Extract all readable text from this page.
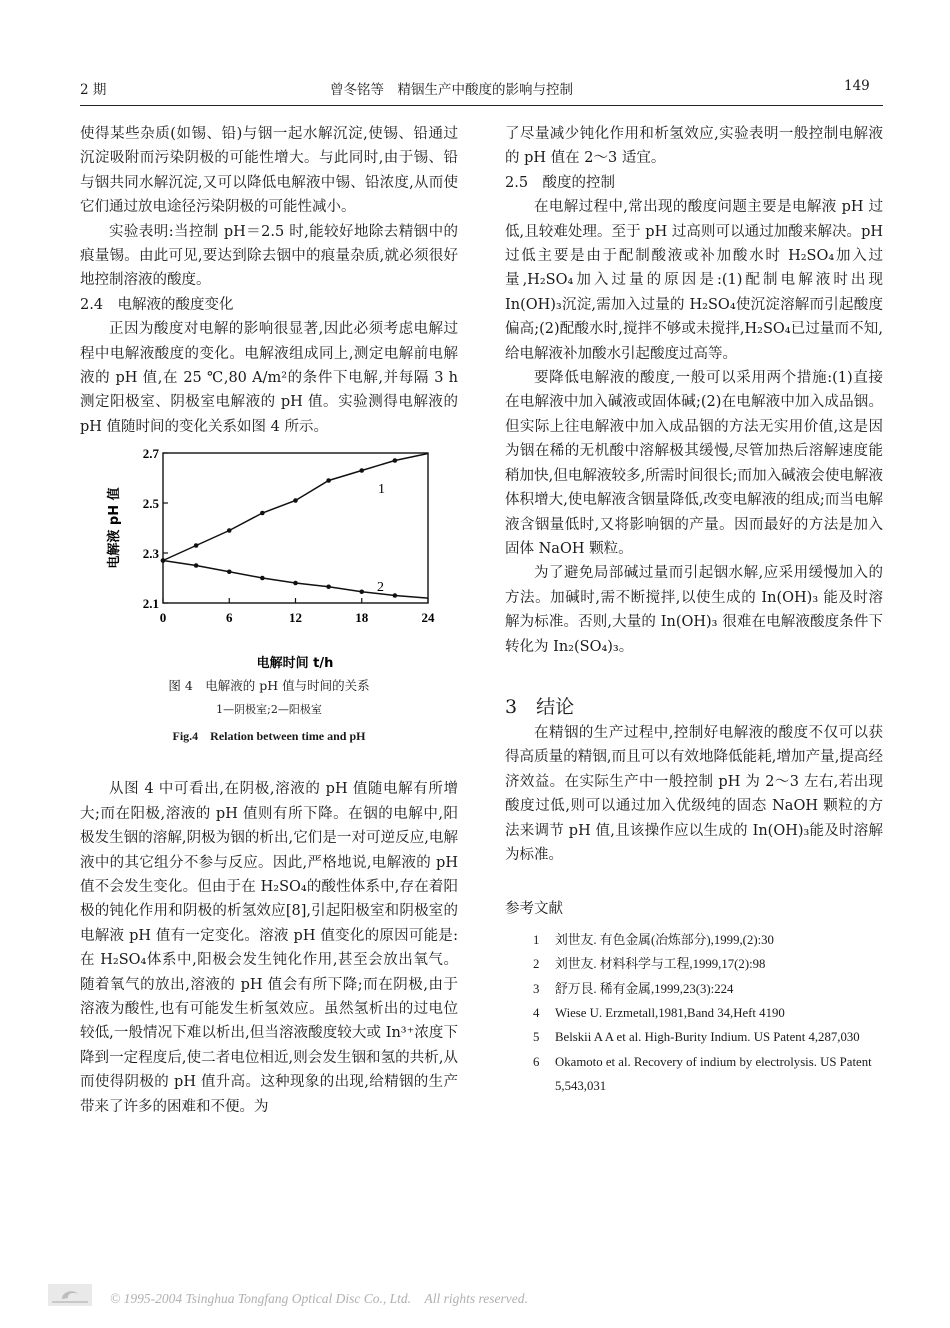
2 期	曾冬铭等　精铟生产中酸度的影响与控制	149

使得某些杂质(如锡、铅)与铟一起水解沉淀,使锡、铅通过沉淀吸附而污染阴极的可能性增大。与此同时,由于锡、铅与铟共同水解沉淀,又可以降低电解液中锡、铅浓度,从而使它们通过放电途径污染阴极的可能性减小。

实验表明:当控制 pH＝2.5 时,能较好地除去精铟中的痕量锡。由此可见,要达到除去铟中的痕量杂质,就必须很好地控制溶液的酸度。

2.4　电解液的酸度变化

正因为酸度对电解的影响很显著,因此必须考虑电解过程中电解液酸度的变化。电解液组成同上,测定电解前电解液的 pH 值,在 25 ℃,80 A/m²的条件下电解,并每隔 3 h 测定阳极室、阴极室电解液的 pH 值。实验测得电解液的 pH 值随时间的变化关系如图 4 所示。

2.1
2.3
2.5
2.7
0	6	12	18	24
电解液 pH 值
电解时间 t/h
1
2
图 4　电解液的 pH 值与时间的关系
1—阴极室;2—阳极室
Fig.4　Relation between time and pH

从图 4 中可看出,在阴极,溶液的 pH 值随电解有所增大;而在阳极,溶液的 pH 值则有所下降。在铟的电解中,阳极发生铟的溶解,阴极为铟的析出,它们是一对可逆反应,电解液中的其它组分不参与反应。因此,严格地说,电解液的 pH 值不会发生变化。但由于在 H₂SO₄的酸性体系中,存在着阳极的钝化作用和阴极的析氢效应[8],引起阳极室和阴极室的电解液 pH 值有一定变化。溶液 pH 值变化的原因可能是:在 H₂SO₄体系中,阳极会发生钝化作用,甚至会放出氧气。随着氧气的放出,溶液的 pH 值会有所下降;而在阴极,由于溶液为酸性,也有可能发生析氢效应。虽然氢析出的过电位较低,一般情况下难以析出,但当溶液酸度较大或 In³⁺浓度下降到一定程度后,使二者电位相近,则会发生铟和氢的共析,从而使得阴极的 pH 值升高。这种现象的出现,给精铟的生产带来了许多的困难和不便。为

了尽量减少钝化作用和析氢效应,实验表明一般控制电解液的 pH 值在 2～3 适宜。

2.5　酸度的控制

在电解过程中,常出现的酸度问题主要是电解液 pH 过低,且较难处理。至于 pH 过高则可以通过加酸来解决。pH 过低主要是由于配制酸液或补加酸水时 H₂SO₄加入过量,H₂SO₄加入过量的原因是:(1)配制电解液时出现 In(OH)₃沉淀,需加入过量的 H₂SO₄使沉淀溶解而引起酸度偏高;(2)配酸水时,搅拌不够或未搅拌,H₂SO₄已过量而不知,给电解液补加酸水引起酸度过高等。

要降低电解液的酸度,一般可以采用两个措施:(1)直接在电解液中加入碱液或固体碱;(2)在电解液中加入成品铟。但实际上往电解液中加入成品铟的方法无实用价值,这是因为铟在稀的无机酸中溶解极其缓慢,尽管加热后溶解速度能稍加快,但电解液较多,所需时间很长;而加入碱液会使电解液体积增大,使电解液含铟量降低,改变电解液的组成;而当电解液含铟量低时,又将影响铟的产量。因而最好的方法是加入固体 NaOH 颗粒。

为了避免局部碱过量而引起铟水解,应采用缓慢加入的方法。加碱时,需不断搅拌,以使生成的 In(OH)₃ 能及时溶解为标准。否则,大量的 In(OH)₃ 很难在电解液酸度条件下转化为 In₂(SO₄)₃。

3　结论

在精铟的生产过程中,控制好电解液的酸度不仅可以获得高质量的精铟,而且可以有效地降低能耗,增加产量,提高经济效益。在实际生产中一般控制 pH 为 2～3 左右,若出现酸度过低,则可以通过加入优级纯的固态 NaOH 颗粒的方法来调节 pH 值,且该操作应以生成的 In(OH)₃能及时溶解为标准。

参考文献

1 刘世友. 有色金属(冶炼部分),1999,(2):30
2 刘世友. 材料科学与工程,1999,17(2):98
3 舒万艮. 稀有金属,1999,23(3):224
4 Wiese U. Erzmetall,1981,Band 34,Heft 4190
5 Belskii A A et al. High-Burity Indium. US Patent 4,287,030
6 Okamoto et al. Recovery of indium by electrolysis. US Patent 5,543,031
© 1995-2004 Tsinghua Tongfang Optical Disc Co., Ltd.　All rights reserved.
